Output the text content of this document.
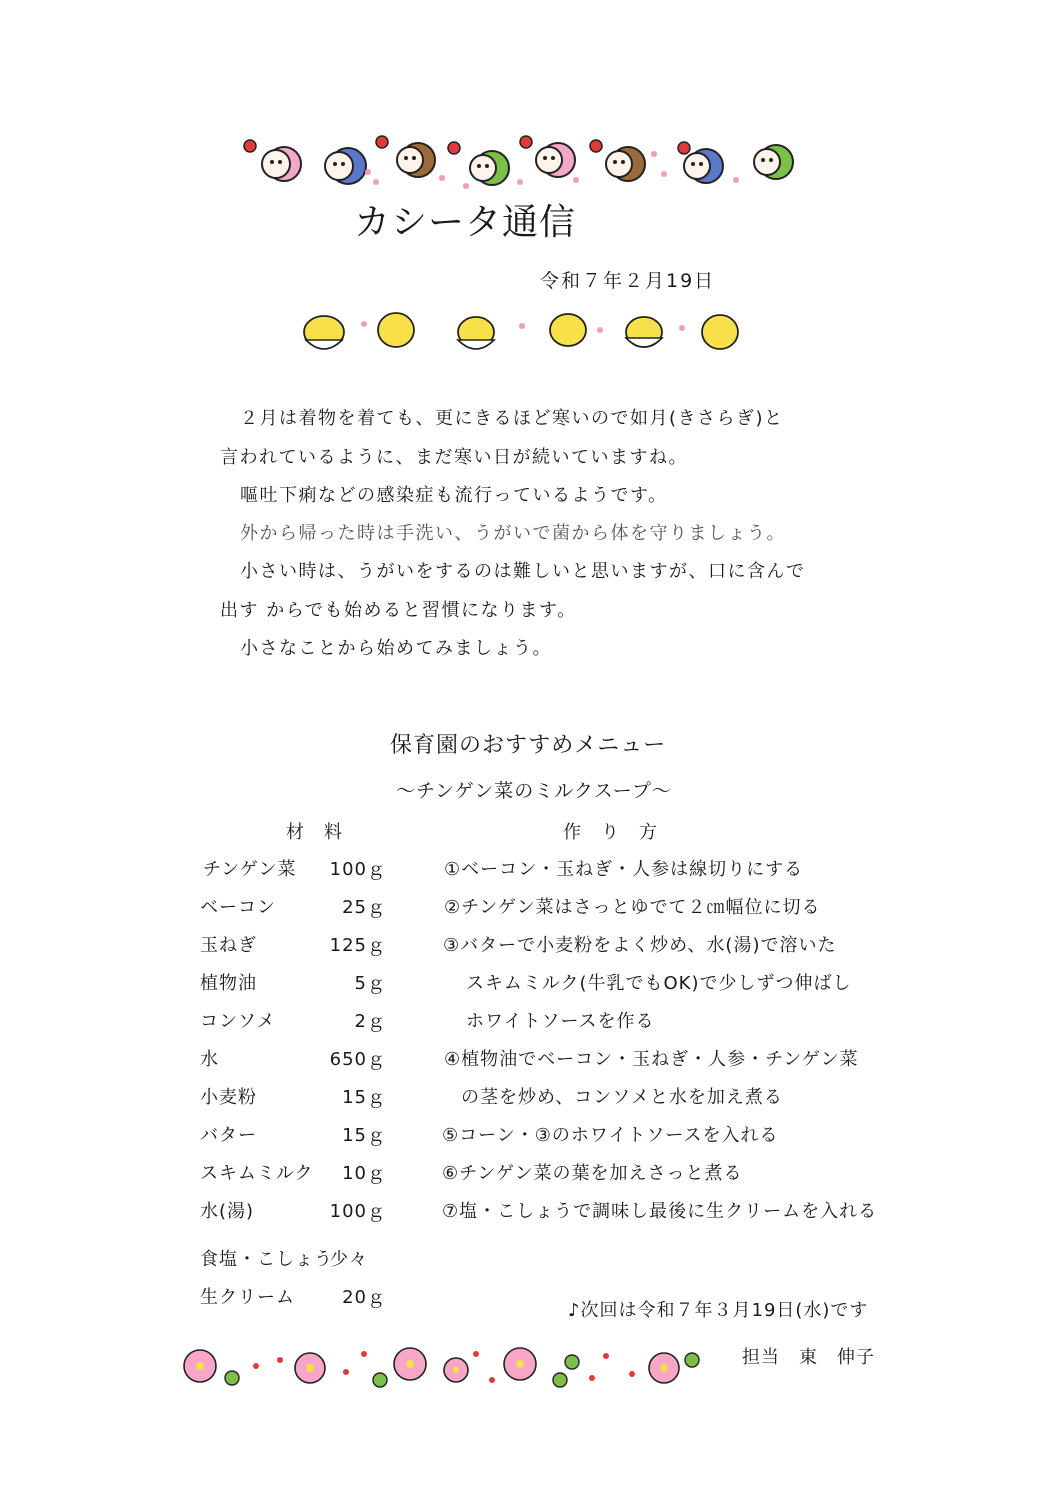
カシータ通信
令和７年２月19日
２月は着物を着ても、更にきるほど寒いので如月(きさらぎ)と
言われているように、まだ寒い日が続いていますね。
嘔吐下痢などの感染症も流行っているようです。
外から帰った時は手洗い、うがいで菌から体を守りましょう。
小さい時は、うがいをするのは難しいと思いますが、口に含んで
出す からでも始めると習慣になります。
小さなことから始めてみましょう。
保育園のおすすめメニュー
～チンゲン菜のミルクスープ～
材　料	作　り　方
チンゲン菜	100ｇ
ベーコン	25ｇ
玉ねぎ	125ｇ
植物油	5ｇ
コンソメ	2ｇ
水	650ｇ
小麦粉	15ｇ
バター	15ｇ
スキムミルク	10ｇ
水(湯)	100ｇ
食塩・こしょう
少々
生クリーム	20ｇ
①ベーコン・玉ねぎ・人参は線切りにする
②チンゲン菜はさっとゆでて２㎝幅位に切る
③バターで小麦粉をよく炒め、水(湯)で溶いた
スキムミルク(牛乳でもOK)で少しずつ伸ばし
ホワイトソースを作る
④植物油でベーコン・玉ねぎ・人参・チンゲン菜
の茎を炒め、コンソメと水を加え煮る
⑤コーン・③のホワイトソースを入れる
⑥チンゲン菜の葉を加えさっと煮る
⑦塩・こしょうで調味し最後に生クリームを入れる
♪次回は令和７年３月19日(水)です
担当　東　伸子
